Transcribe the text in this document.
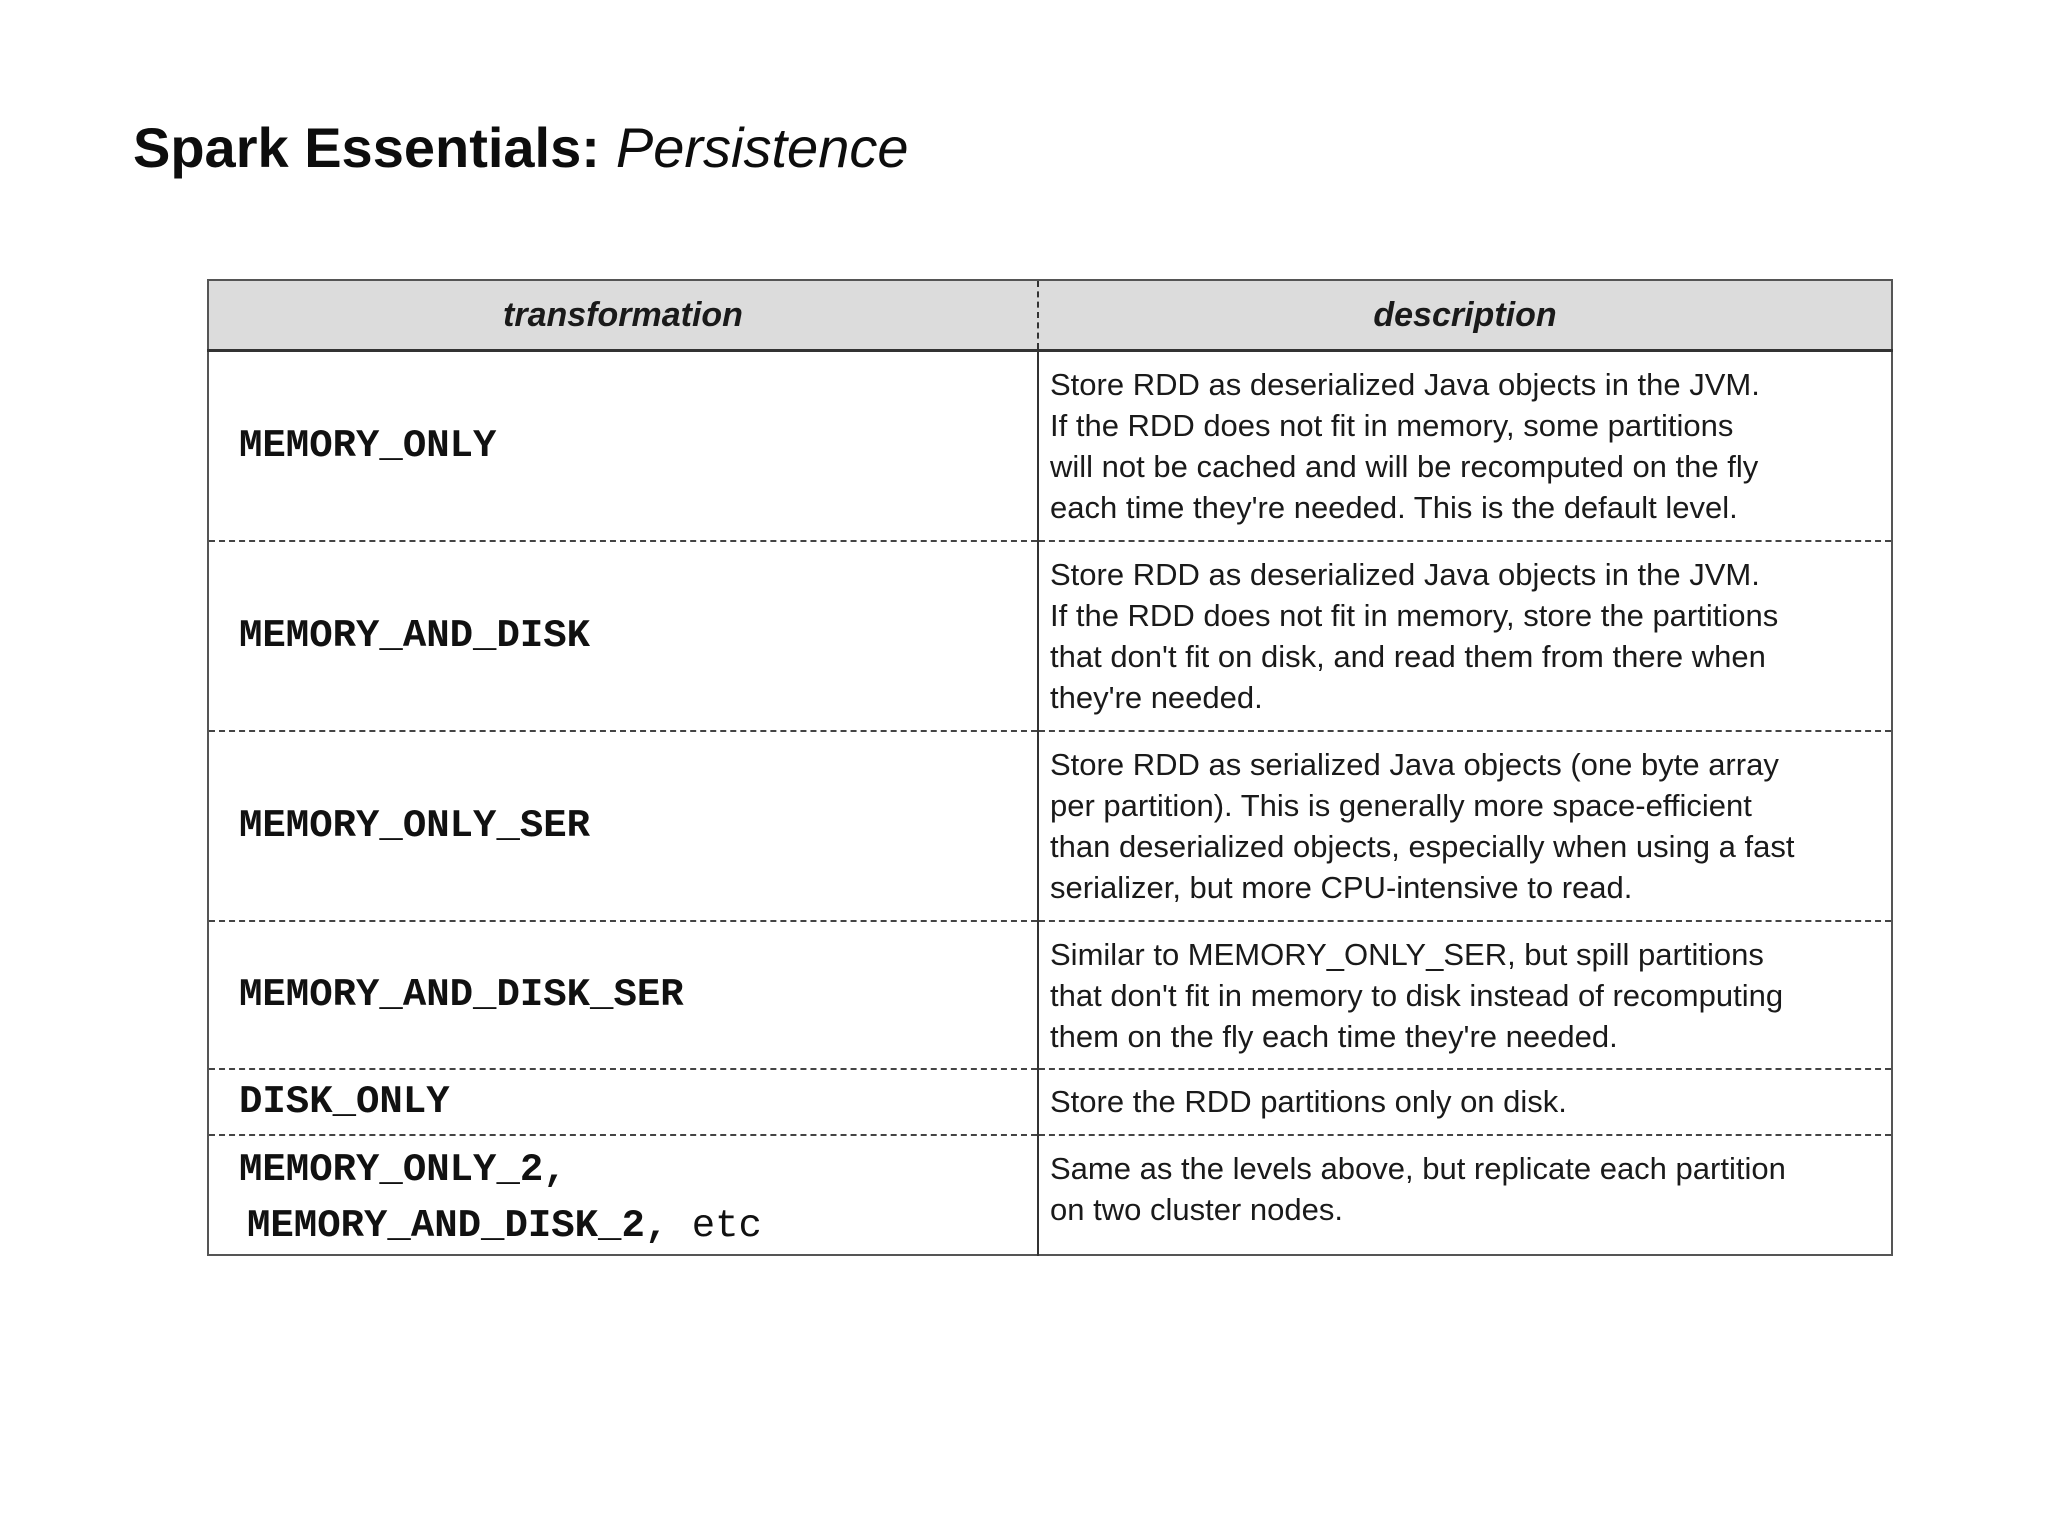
Spark Essentials: Persistence
transformation	description
MEMORY_ONLY	Store RDD as deserialized Java objects in the JVM.
If the RDD does not fit in memory, some partitions
will not be cached and will be recomputed on the fly
each time they're needed. This is the default level.

MEMORY_AND_DISK	Store RDD as deserialized Java objects in the JVM.
If the RDD does not fit in memory, store the partitions
that don't fit on disk, and read them from there when
they're needed.

MEMORY_ONLY_SER	Store RDD as serialized Java objects (one byte array
per partition). This is generally more space-efficient
than deserialized objects, especially when using a fast
serializer, but more CPU-intensive to read.

MEMORY_AND_DISK_SER	Similar to MEMORY_ONLY_SER, but spill partitions
that don't fit in memory to disk instead of recomputing
them on the fly each time they're needed.

DISK_ONLY	Store the RDD partitions only on disk.

MEMORY_ONLY_2,
MEMORY_AND_DISK_2, etc	Same as the levels above, but replicate each partition
on two cluster nodes.
